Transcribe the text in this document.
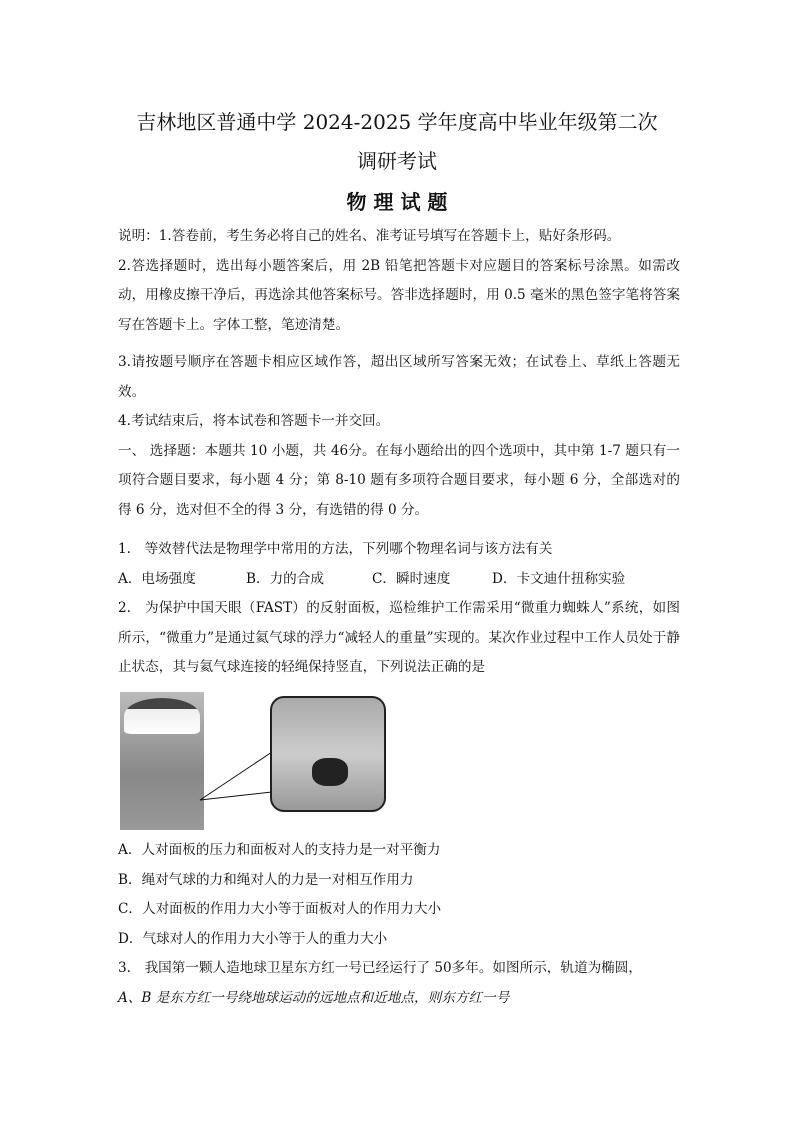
吉林地区普通中学 2024-2025 学年度高中毕业年级第二次
调研考试
物 理 试 题

说明：1.答卷前，考生务必将自己的姓名、准考证号填写在答题卡上，贴好条形码。

2.答选择题时，选出每小题答案后，用 2B 铅笔把答题卡对应题目的答案标号涂黑。如需改动，用橡皮擦干净后，再选涂其他答案标号。答非选择题时，用 0.5 毫米的黑色签字笔将答案写在答题卡上。字体工整，笔迹清楚。

3.请按题号顺序在答题卡相应区域作答，超出区域所写答案无效；在试卷上、草纸上答题无效。

4.考试结束后，将本试卷和答题卡一并交回。

一、 选择题：本题共 10 小题，共 46分。在每小题给出的四个选项中，其中第 1-7 题只有一项符合题目要求，每小题 4 分；第 8-10 题有多项符合题目要求，每小题 6 分，全部选对的得 6 分，选对但不全的得 3 分，有选错的得 0 分。

1.　等效替代法是物理学中常用的方法，下列哪个物理名词与该方法有关

A．电场强度	B．力的合成	C．瞬时速度	D．卡文迪什扭称实验

2.　为保护中国天眼（FAST）的反射面板，巡检维护工作需采用“微重力蜘蛛人”系统，如图所示，“微重力”是通过氦气球的浮力“减轻人的重量”实现的。某次作业过程中工作人员处于静止状态，其与氦气球连接的轻绳保持竖直，下列说法正确的是

A．人对面板的压力和面板对人的支持力是一对平衡力

B．绳对气球的力和绳对人的力是一对相互作用力

C．人对面板的作用力大小等于面板对人的作用力大小

D．气球对人的作用力大小等于人的重力大小

3.　我国第一颗人造地球卫星东方红一号已经运行了 50多年。如图所示，轨道为椭圆，

A、B 是东方红一号绕地球运动的远地点和近地点，则东方红一号
